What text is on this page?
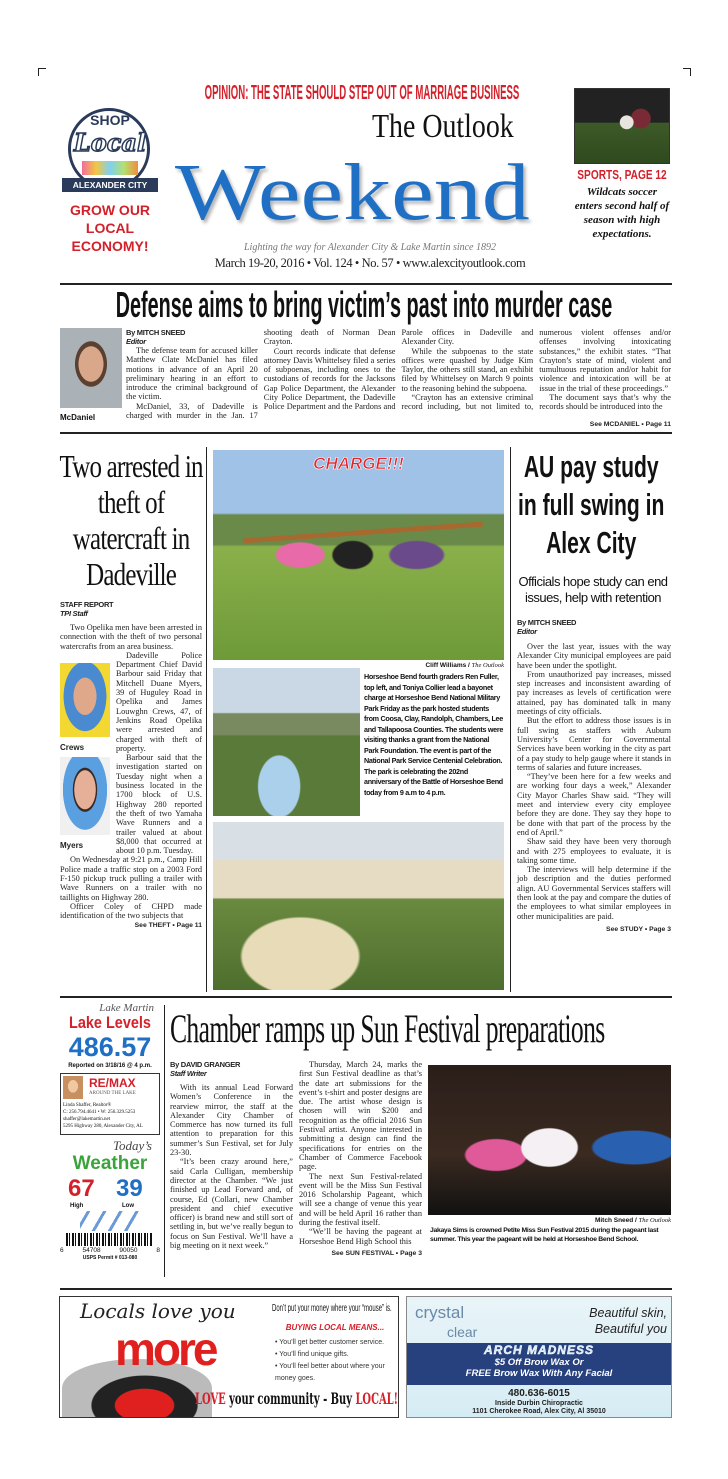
OPINION: THE STATE SHOULD STEP OUT OF MARRIAGE BUSINESS
SHOP
Local
ALEXANDER CITY
GROW OUR
LOCAL
ECONOMY!
The Outlook
Weekend
Lighting the way for Alexander City & Lake Martin since 1892
March 19-20, 2016 • Vol. 124 • No. 57 • www.alexcityoutlook.com
SPORTS, PAGE 12
Wildcats soccer enters second half of season with high expectations.
Defense aims to bring victim’s past into murder case
McDaniel
By MITCH SNEED
Editor

The defense team for accused killer Matthew Clate McDaniel has filed motions in advance of an April 20 preliminary hearing in an effort to introduce the criminal background of the victim.

McDaniel, 33, of Dadeville is charged with murder in the Jan. 17 shooting death of Norman Dean Crayton.

Court records indicate that defense attorney Davis Whittelsey filed a series of subpoenas, including ones to the custodians of records for the Jacksons Gap Police Department, the Alexander City Police Department, the Dadeville Police Department and the Pardons and Parole offices in Dadeville and Alexander City.

While the subpoenas to the state offices were quashed by Judge Kim Taylor, the others still stand, an exhibit filed by Whittelsey on March 9 points to the reasoning behind the subpoena.

“Crayton has an extensive criminal record including, but not limited to, numerous violent offenses and/or offenses involving intoxicating substances,” the exhibit states. “That Crayton’s state of mind, violent and tumultuous reputation and/or habit for violence and intoxication will be at issue in the trial of these proceedings.”

The document says that’s why the records should be introduced into the

See MCDANIEL • Page 11
Two arrested in theft of watercraft in Dadeville
STAFF REPORT
TPI Staff

Two Opelika men have been arrested in connection with the theft of two personal watercrafts from an area business.

Crews

Dadeville Police Department Chief David Barbour said Friday that Mitchell Duane Myers, 39 of Huguley Road in Opelika and James Louwghn Crews, 47, of Jenkins Road Opelika were arrested and charged with theft of property.

Myers

Barbour said that the investigation started on Tuesday night when a business located in the 1700 block of U.S. Highway 280 reported the theft of two Yamaha Wave Runners and a trailer valued at about $8,000 that occurred at about 10 p.m. Tuesday.

On Wednesday at 9:21 p.m., Camp Hill Police made a traffic stop on a 2003 Ford F-150 pickup truck pulling a trailer with Wave Runners on a trailer with no taillights on Highway 280.

Officer Coley of CHPD made identification of the two subjects that

See THEFT • Page 11
CHARGE!!!
Cliff Williams / The Outlook
Horseshoe Bend fourth graders Ren Fuller, top left, and Toniya Collier lead a bayonet charge at Horseshoe Bend National Military Park Friday as the park hosted students from Coosa, Clay, Randolph, Chambers, Lee and Tallapoosa Counties. The students were visiting thanks a grant from the National Park Foundation. The event is part of the National Park Service Centenial Celebration. The park is celebrating the 202nd anniversary of the Battle of Horseshoe Bend today from 9 a.m to 4 p.m.
AU pay study in full swing in Alex City
Officials hope study can end issues, help with retention
By MITCH SNEED
Editor

Over the last year, issues with the way Alexander City municipal employees are paid have been under the spotlight.

From unauthorized pay increases, missed step increases and inconsistent awarding of pay increases as levels of certification were attained, pay has dominated talk in many meetings of city officials.

But the effort to address those issues is in full swing as staffers with Auburn University’s Center for Governmental Services have been working in the city as part of a pay study to help gauge where it stands in terms of salaries and future increases.

“They’ve been here for a few weeks and are working four days a week,” Alexander City Mayor Charles Shaw said. “They will meet and interview every city employee before they are done. They say they hope to be done with that part of the process by the end of April.”

Shaw said they have been very thorough and with 275 employees to evaluate, it is taking some time.

The interviews will help determine if the job description and the duties performed align. AU Governmental Services staffers will then look at the pay and compare the duties of the employees to what similar employees in other municipalities are paid.

See STUDY • Page 3
Lake Martin
Lake Levels
486.57
Reported on 3/18/16 @ 4 p.m.
RE/MAX
AROUND THE LAKE
Linda Shaffer, Realtor®
C: 256.794.4641 • W: 256.329.5253
shaffer@lakemartin.net
5295 Highway 280, Alexander City, AL
Today’s
Weather
67 39
High	Low
6	54708	90050	8
USPS Permit # 013-080
Chamber ramps up Sun Festival preparations
By DAVID GRANGER
Staff Writer

With its annual Lead Forward Women’s Conference in the rearview mirror, the staff at the Alexander City Chamber of Commerce has now turned its full attention to preparation for this summer’s Sun Festival, set for July 23-30.

“It’s been crazy around here,” said Carla Culligan, membership director at the Chamber. “We just finished up Lead Forward and, of course, Ed (Collari, new Chamber president and chief executive officer) is brand new and still sort of settling in, but we’ve really begun to focus on Sun Festival. We’ll have a big meeting on it next week.”

Thursday, March 24, marks the first Sun Festival deadline as that’s the date art submissions for the event’s t-shirt and poster designs are due. The artist whose design is chosen will win $200 and recognition as the official 2016 Sun Festival artist. Anyone interested in submitting a design can find the specifications for entries on the Chamber of Commerce Facebook page.

The next Sun Festival-related event will be the Miss Sun Festival 2016 Scholarship Pageant, which will see a change of venue this year and will be held April 16 rather than during the festival itself.

“We’ll be having the pageant at Horseshoe Bend High School this

See SUN FESTIVAL • Page 3
Mitch Sneed / The Outlook
Jakaya Sims is crowned Petite Miss Sun Festival 2015 during the pageant last summer. This year the pageant will be held at Horseshoe Bend School.
Locals love you
more
Don’t put your money where your “mouse” is.
BUYING LOCAL MEANS...
• You’ll get better customer service.
• You’ll find unique gifts.
• You’ll feel better about where your money goes.
LOVE your community - Buy LOCAL!
crystal
clear
Beautiful skin,
Beautiful you
ARCH MADNESS
$5 Off Brow Wax Or
FREE Brow Wax With Any Facial
480.636-6015
Inside Durbin Chiropractic
1101 Cherokee Road, Alex City, Al 35010
